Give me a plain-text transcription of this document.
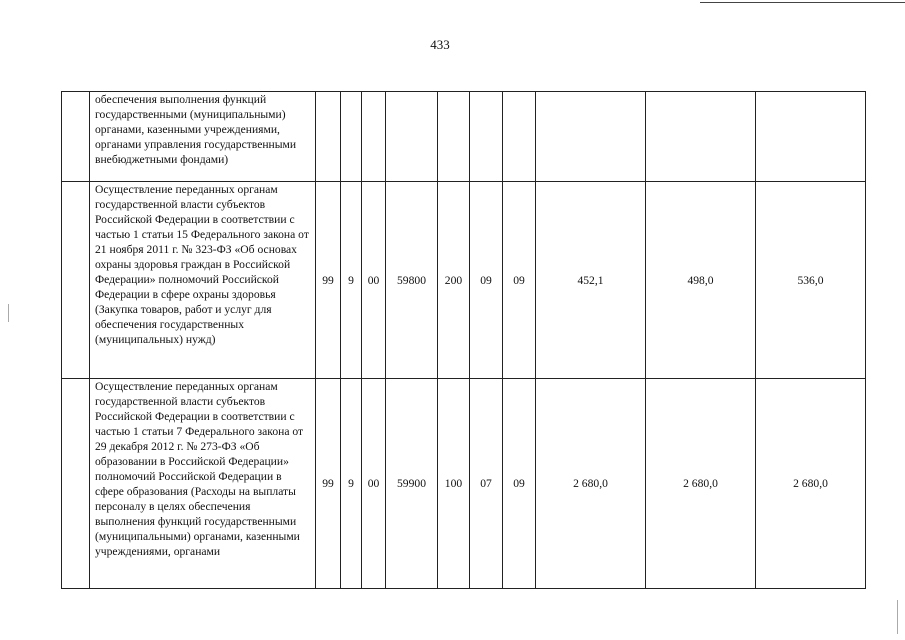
433
	обеспечения выполнения функций государственными (муниципальными) органами, казенными учреждениями, органами управления государственными внебюджетными фондами)										
	Осуществление переданных органам государственной власти субъектов Российской Федерации в соответствии с частью 1 статьи 15 Федерального закона от 21 ноября 2011 г. № 323-ФЗ «Об основах охраны здоровья граждан в Российской Федерации» полномочий Российской Федерации в сфере охраны здоровья (Закупка товаров, работ и услуг для обеспечения государственных (муниципальных) нужд)	99	9	00	59800	200	09	09	452,1	498,0	536,0
	Осуществление переданных органам государственной власти субъектов Российской Федерации в соответствии с частью 1 статьи 7 Федерального закона от 29 декабря 2012 г. № 273-ФЗ «Об образовании в Российской Федерации» полномочий Российской Федерации в сфере образования (Расходы на выплаты персоналу в целях обеспечения выполнения функций государственными (муниципальными) органами, казенными учреждениями, органами	99	9	00	59900	100	07	09	2 680,0	2 680,0	2 680,0
